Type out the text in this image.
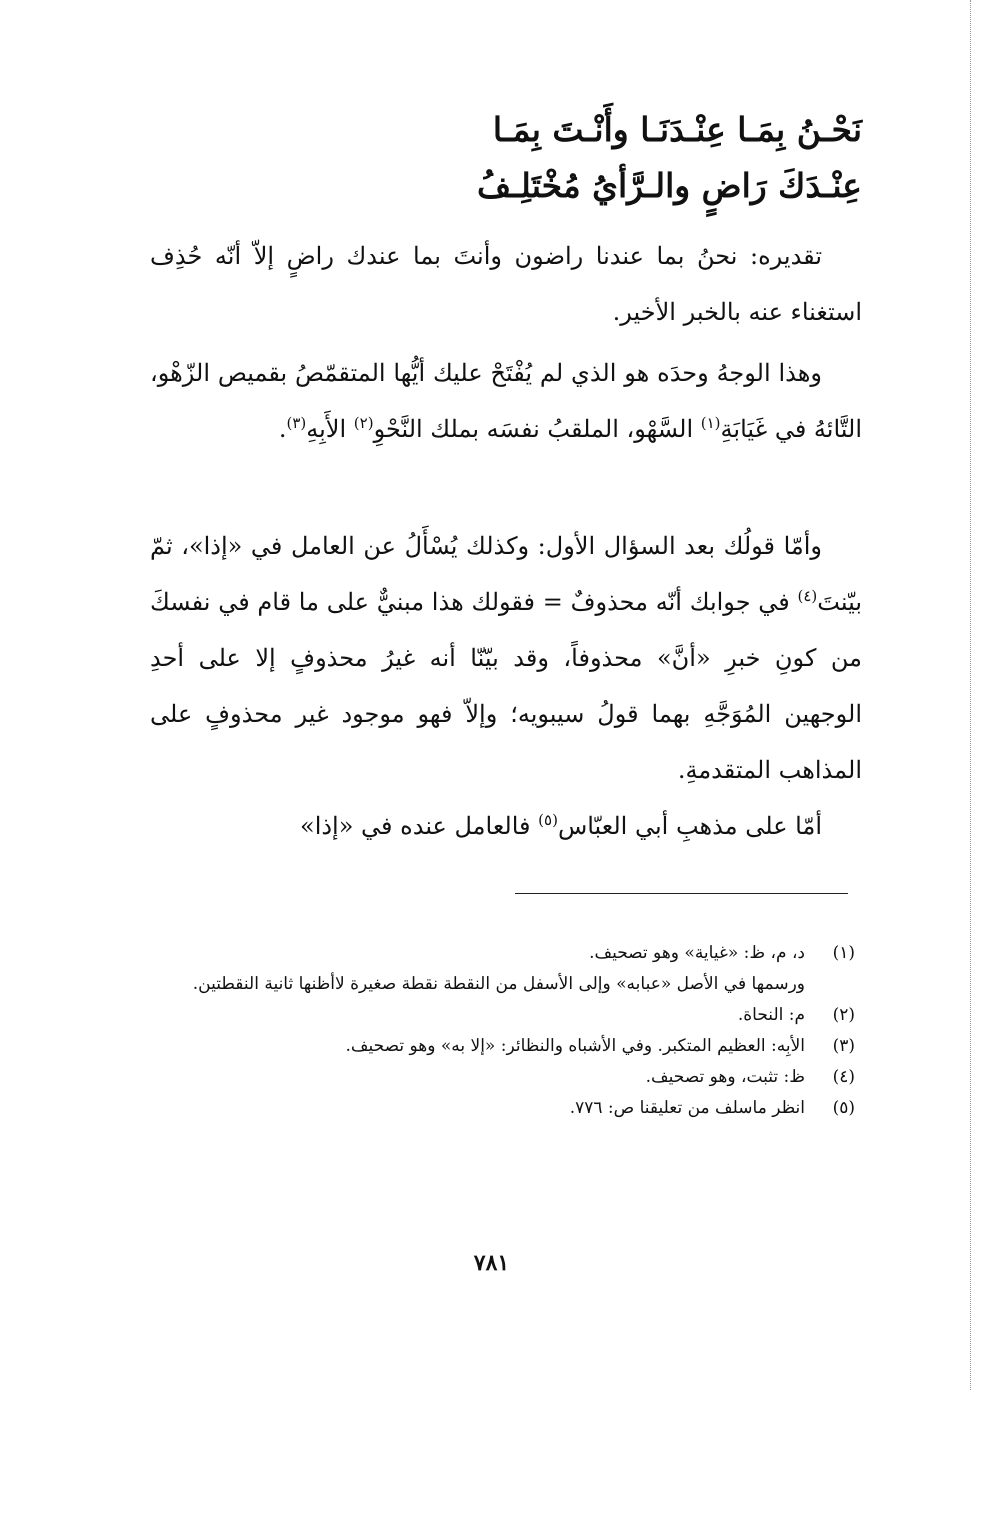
نَحْـنُ بِمَـا عِنْـدَنَـا وأَنْـتَ بِمَـا
عِنْـدَكَ رَاضٍ والـرَّأيُ مُخْتَلِـفُ

تقديره: نحنُ بما عندنا راضون وأنتَ بما عندك راضٍ إلاّ أنّه حُذِف استغناء عنه بالخبر الأخير.

وهذا الوجهُ وحدَه هو الذي لم يُفْتَحْ عليك أيُّها المتقمّصُ بقميص الزّهْو، التَّائهُ في غَيَابَةِ$^{(١)}$ السَّهْو، الملقبُ نفسَه بملك النَّحْوِ$^{(٢)}$ الأَبِهِ$^{(٣)}$.

وأمّا قولُك بعد السؤال الأول: وكذلك يُسْأَلُ عن العامل في «إذا»، ثمّ بيّنتَ$^{(٤)}$ في جوابك أنّه محذوفٌ = فقولك هذا مبنيٌّ على ما قام في نفسكَ من كونِ خبرِ «أنَّ» محذوفاً، وقد بيّنّا أنه غيرُ محذوفٍ إلا على أحدِ الوجهين المُوَجَّهِ بهما قولُ سيبويه؛ وإلاّ فهو موجود غير محذوفٍ على المذاهب المتقدمةِ.

أمّا على مذهبِ أبي العبّاس$^{(٥)}$ فالعامل عنده في «إذا»

(١)
د، م، ظ: «غياية» وهو تصحيف.
ورسمها في الأصل «عبابه» وإلى الأسفل من النقطة نقطة صغيرة لاأظنها ثانية النقطتين.
(٢)
م: النحاة.
(٣)
الأبِه: العظيم المتكبر. وفي الأشباه والنظائر: «إلا به» وهو تصحيف.
(٤)
ظ: تثبت، وهو تصحيف.
(٥)
انظر ماسلف من تعليقنا ص: ٧٧٦.
٧٨١
